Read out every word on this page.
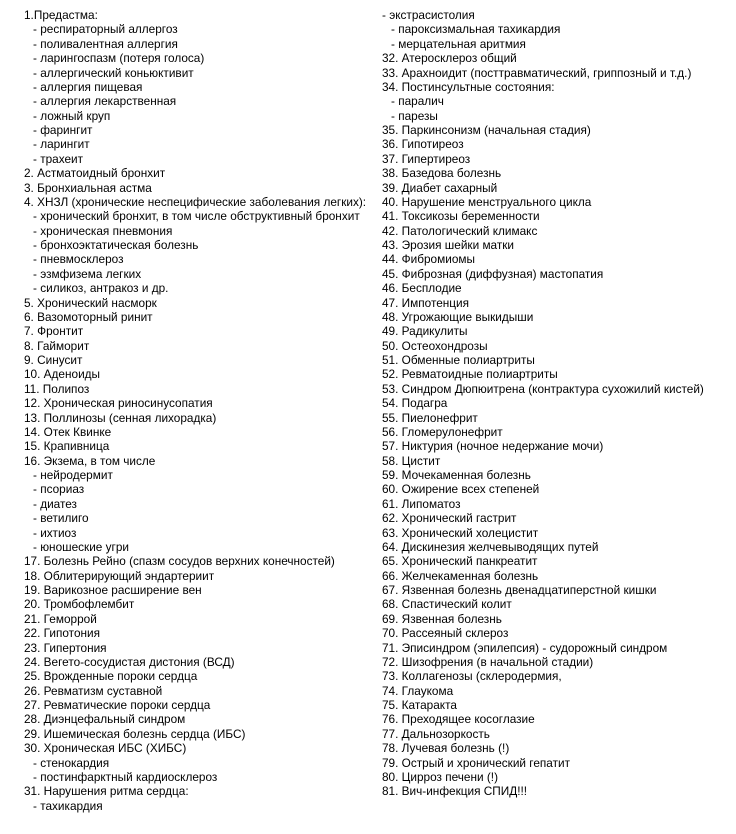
1.Предастма:
- респираторный аллергоз
- поливалентная аллергия
- ларингоспазм (потеря голоса)
- аллергический коньюктивит
- аллергия пищевая
- аллергия лекарственная
- ложный круп
- фарингит
- ларингит
- трахеит
2. Астматоидный бронхит
3. Бронхиальная астма
4. ХНЗЛ (хронические неспецифические заболевания легких):
- хронический бронхит, в том числе обструктивный бронхит
- хроническая пневмония
- бронхоэктатическая болезнь
- пневмосклероз
- эзмфизема легких
- силикоз, антракоз и др.
5. Хронический насморк
6. Вазомоторный ринит
7. Фронтит
8. Гайморит
9. Синусит
10. Аденоиды
11. Полипоз
12. Хроническая риносинусопатия
13. Поллинозы (сенная лихорадка)
14. Отек Квинке
15. Крапивница
16. Экзема, в том числе
- нейродермит
- псориаз
- диатез
- ветилиго
- ихтиоз
- юношеские угри
17. Болезнь Рейно (спазм сосудов верхних конечностей)
18. Облитерирующий эндартериит
19. Варикозное расширение вен
20. Тромбофлембит
21. Геморрой
22. Гипотония
23. Гипертония
24. Вегето-сосудистая дистония (ВСД)
25. Врожденные пороки сердца
26. Ревматизм суставной
27. Ревматические пороки сердца
28. Диэнцефальный синдром
29. Ишемическая болезнь сердца (ИБС)
30. Хроническая ИБС (ХИБС)
- стенокардия
- постинфарктный кардиосклероз
31. Нарушения ритма сердца:
- тахикардия
- экстрасистолия
- пароксизмальная тахикардия
- мерцательная аритмия
32. Атеросклероз общий
33. Арахноидит (посттравматический, гриппозный и т.д.)
34. Постинсультные состояния:
- паралич
- парезы
35. Паркинсонизм (начальная стадия)
36. Гипотиреоз
37. Гипертиреоз
38. Базедова болезнь
39. Диабет сахарный
40. Нарушение менструального цикла
41. Токсикозы беременности
42. Патологический климакс
43. Эрозия шейки матки
44. Фибромиомы
45. Фиброзная (диффузная) мастопатия
46. Бесплодие
47. Импотенция
48. Угрожающие выкидыши
49. Радикулиты
50. Остеохондрозы
51. Обменные полиартриты
52. Ревматоидные полиартриты
53. Синдром Дюпюитрена (контрактура сухожилий кистей)
54. Подагра
55. Пиелонефрит
56. Гломерулонефрит
57. Никтурия (ночное недержание мочи)
58. Цистит
59. Мочекаменная болезнь
60. Ожирение всех степеней
61. Липоматоз
62. Хронический гастрит
63. Хронический холецистит
64. Дискинезия желчевыводящих путей
65. Хронический панкреатит
66. Желчекаменная болезнь
67. Язвенная болезнь двенадцатиперстной кишки
68. Спастический колит
69. Язвенная болезнь
70. Рассеяный склероз
71. Эписиндром (эпилепсия) - судорожный синдром
72. Шизофрения (в начальной стадии)
73. Коллагенозы (склеродермия,
74. Глаукома
75. Катаракта
76. Преходящее косоглазие
77. Дальнозоркость
78. Лучевая болезнь (!)
79. Острый и хронический гепатит
80. Цирроз печени (!)
81. Вич-инфекция СПИД!!!
